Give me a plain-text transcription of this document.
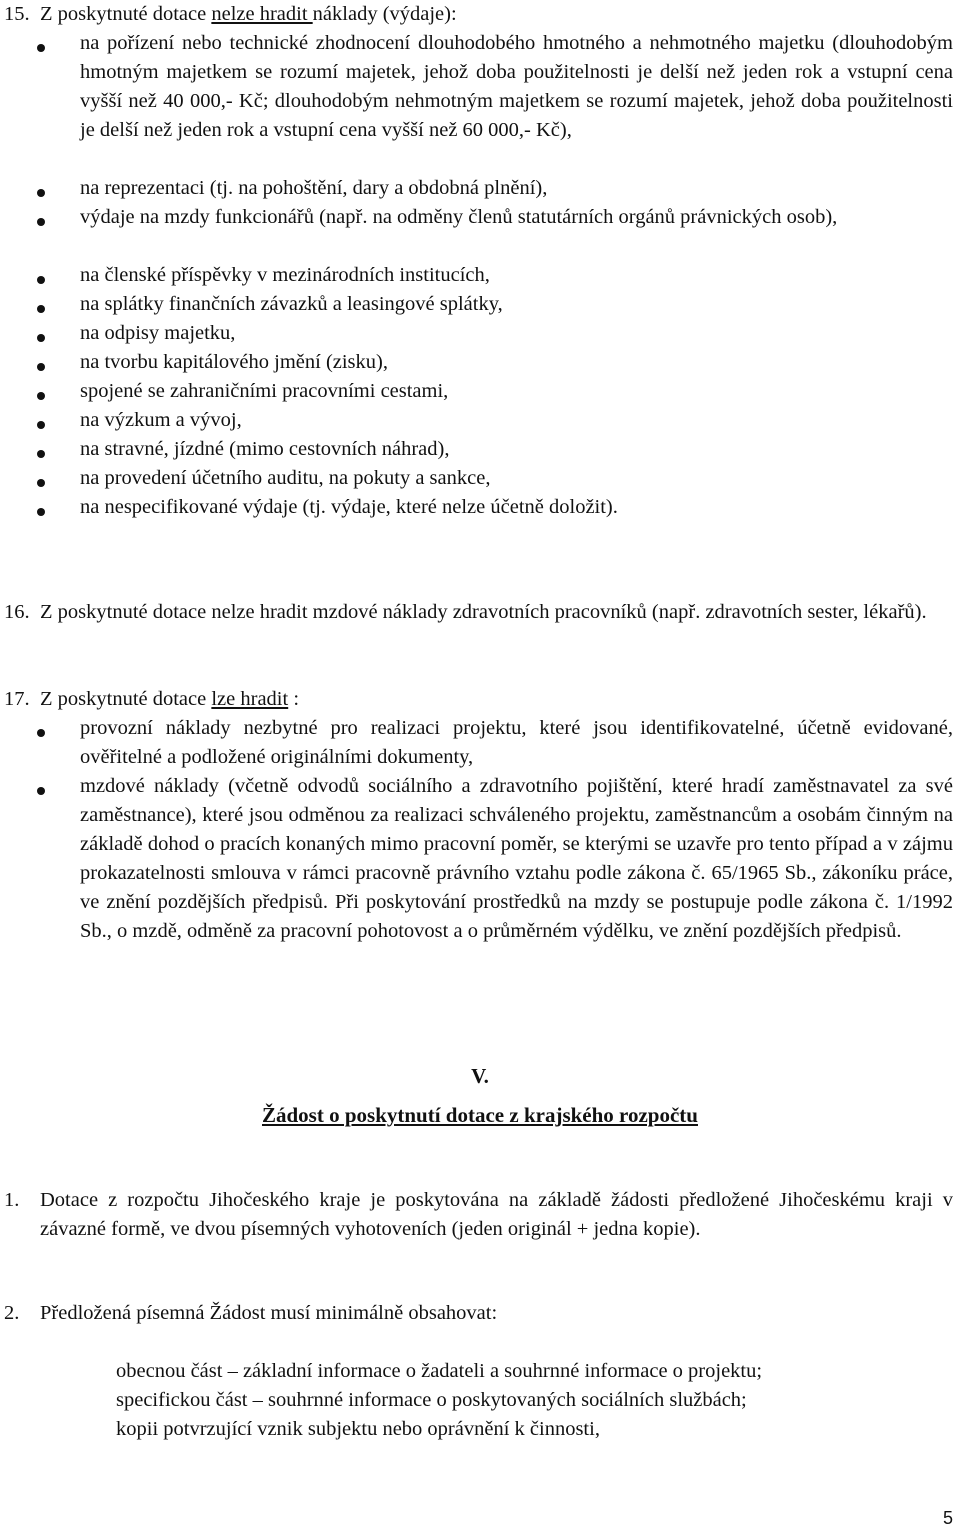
15. Z poskytnuté dotace nelze hradit náklady (výdaje):
na pořízení nebo technické zhodnocení dlouhodobého hmotného a nehmotného majetku (dlouhodobým hmotným majetkem se rozumí majetek, jehož doba použitelnosti je delší než jeden rok a vstupní cena vyšší než 40 000,- Kč; dlouhodobým nehmotným majetkem se rozumí majetek, jehož doba použitelnosti je delší než jeden rok a vstupní cena vyšší než 60 000,- Kč),
na reprezentaci (tj. na pohoštění, dary a obdobná plnění),
výdaje na mzdy funkcionářů (např. na odměny členů statutárních orgánů právnických osob),
na členské příspěvky v mezinárodních institucích,
na splátky finančních závazků a leasingové splátky,
na odpisy majetku,
na tvorbu kapitálového jmění (zisku),
spojené se zahraničními pracovními cestami,
na výzkum a vývoj,
na stravné, jízdné (mimo cestovních náhrad),
na provedení účetního auditu, na pokuty a sankce,
na nespecifikované výdaje (tj. výdaje, které nelze účetně doložit).
16. Z poskytnuté dotace nelze hradit mzdové náklady zdravotních pracovníků (např. zdravotních sester, lékařů).
17. Z poskytnuté dotace lze hradit :
provozní náklady nezbytné pro realizaci projektu, které jsou identifikovatelné, účetně evidované, ověřitelné a podložené originálními dokumenty,
mzdové náklady (včetně odvodů sociálního a zdravotního pojištění, které hradí zaměstnavatel za své zaměstnance), které jsou odměnou za realizaci schváleného projektu, zaměstnancům a osobám činným na základě dohod o pracích konaných mimo pracovní poměr, se kterými se uzavře pro tento případ a v zájmu prokazatelnosti smlouva v rámci pracovně právního vztahu podle zákona č. 65/1965 Sb., zákoníku práce, ve znění pozdějších předpisů. Při poskytování prostředků na mzdy se postupuje podle zákona č. 1/1992 Sb., o mzdě, odměně za pracovní pohotovost a o průměrném výdělku, ve znění pozdějších předpisů.
V.
Žádost o poskytnutí dotace z krajského rozpočtu
1. Dotace z rozpočtu Jihočeského kraje je poskytována na základě žádosti předložené Jihočeskému kraji v závazné formě, ve dvou písemných vyhotoveních (jeden originál + jedna kopie).
2. Předložená písemná Žádost musí minimálně obsahovat:
obecnou část – základní informace o žadateli a souhrnné informace o projektu;
specifickou část – souhrnné informace o poskytovaných sociálních službách;
kopii potvrzující vznik subjektu nebo oprávnění k činnosti,
5
